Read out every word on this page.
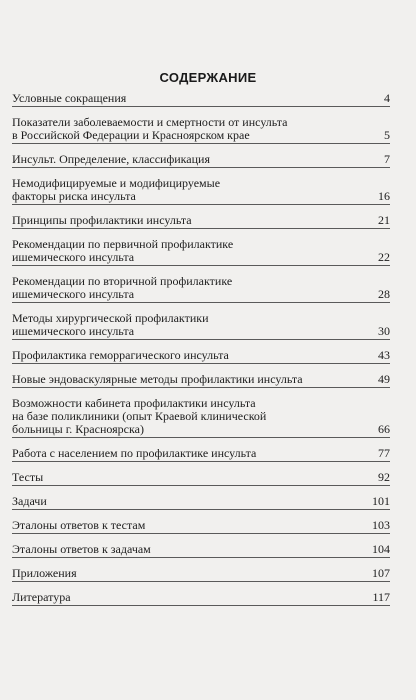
СОДЕРЖАНИЕ
Условные сокращения	4
Показатели заболеваемости и смертности от инсульта
в Российской Федерации и Красноярском крае	5
Инсульт. Определение, классификация	7
Немодифицируемые и модифицируемые
факторы риска инсульта	16
Принципы профилактики инсульта	21
Рекомендации по первичной профилактике
ишемического инсульта	22
Рекомендации по вторичной профилактике
ишемического инсульта	28
Методы хирургической профилактики
ишемического инсульта	30
Профилактика геморрагического инсульта	43
Новые эндоваскулярные методы профилактики инсульта	49
Возможности кабинета профилактики инсульта
на базе поликлиники (опыт Краевой клинической
больницы г. Красноярска)	66
Работа с населением по профилактике инсульта	77
Тесты	92
Задачи	101
Эталоны ответов к тестам	103
Эталоны ответов к задачам	104
Приложения	107
Литература	117
